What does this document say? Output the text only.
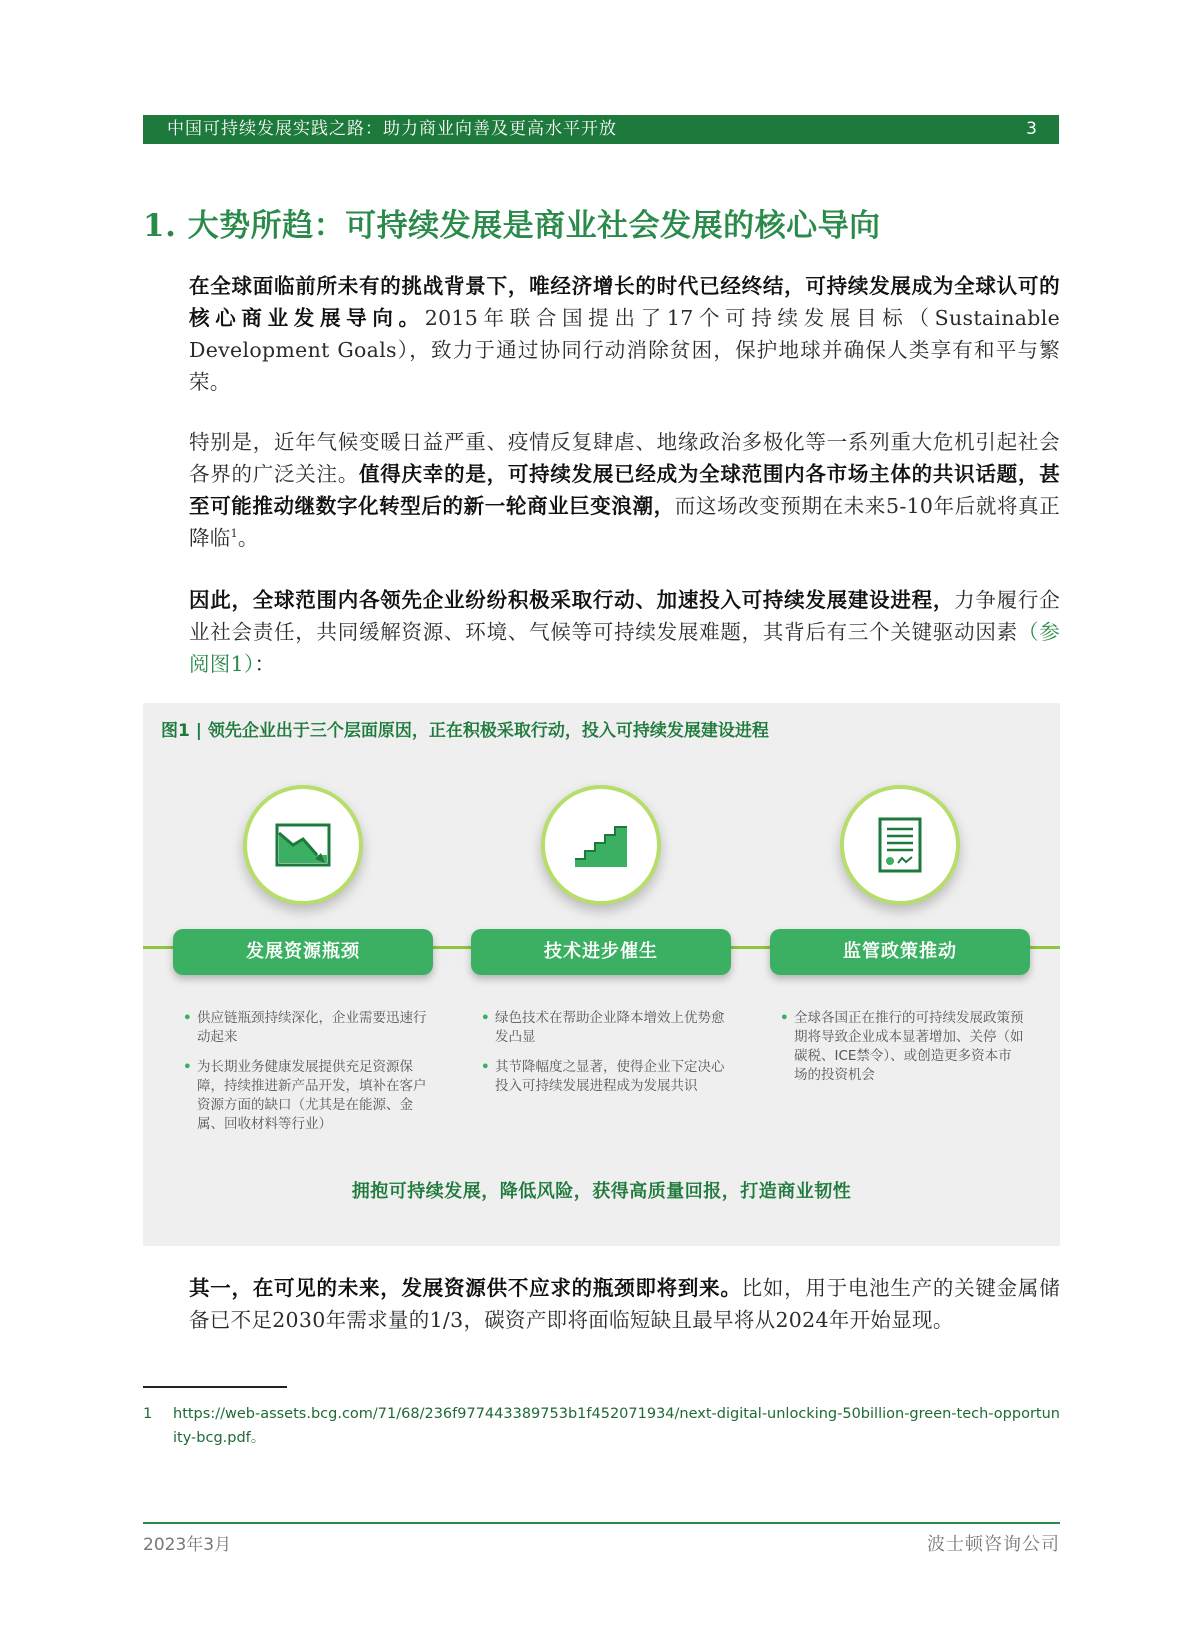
中国可持续发展实践之路：助力商业向善及更高水平开放	3
1. 大势所趋：可持续发展是商业社会发展的核心导向

在全球面临前所未有的挑战背景下，唯经济增长的时代已经终结，可持续发展成为全球认可的核心商业发展导向。2015年联合国提出了17个可持续发展目标（Sustainable Development Goals），致力于通过协同行动消除贫困，保护地球并确保人类享有和平与繁荣。

特别是，近年气候变暖日益严重、疫情反复肆虐、地缘政治多极化等一系列重大危机引起社会各界的广泛关注。值得庆幸的是，可持续发展已经成为全球范围内各市场主体的共识话题，甚至可能推动继数字化转型后的新一轮商业巨变浪潮，而这场改变预期在未来5-10年后就将真正降临$^1$。

因此，全球范围内各领先企业纷纷积极采取行动、加速投入可持续发展建设进程，力争履行企业社会责任，共同缓解资源、环境、气候等可持续发展难题，其背后有三个关键驱动因素（参阅图1）：

图1 | 领先企业出于三个层面原因，正在积极采取行动，投入可持续发展建设进程
发展资源瓶颈
• 供应链瓶颈持续深化，企业需要迅速行动起来
• 为长期业务健康发展提供充足资源保障，持续推进新产品开发，填补在客户资源方面的缺口（尤其是在能源、金属、回收材料等行业）
技术进步催生
• 绿色技术在帮助企业降本增效上优势愈发凸显
• 其节降幅度之显著，使得企业下定决心投入可持续发展进程成为发展共识
监管政策推动
• 全球各国正在推行的可持续发展政策预期将导致企业成本显著增加、关停（如碳税、ICE禁令）、或创造更多资本市场的投资机会
拥抱可持续发展，降低风险，获得高质量回报，打造商业韧性

其一，在可见的未来，发展资源供不应求的瓶颈即将到来。比如，用于电池生产的关键金属储备已不足2030年需求量的1/3，碳资产即将面临短缺且最早将从2024年开始显现。

1 https://web-assets.bcg.com/71/68/236f977443389753b1f452071934/next-digital-unlocking-50billion-green-tech-opportunity-bcg.pdf。
2023年3月	波士顿咨询公司
